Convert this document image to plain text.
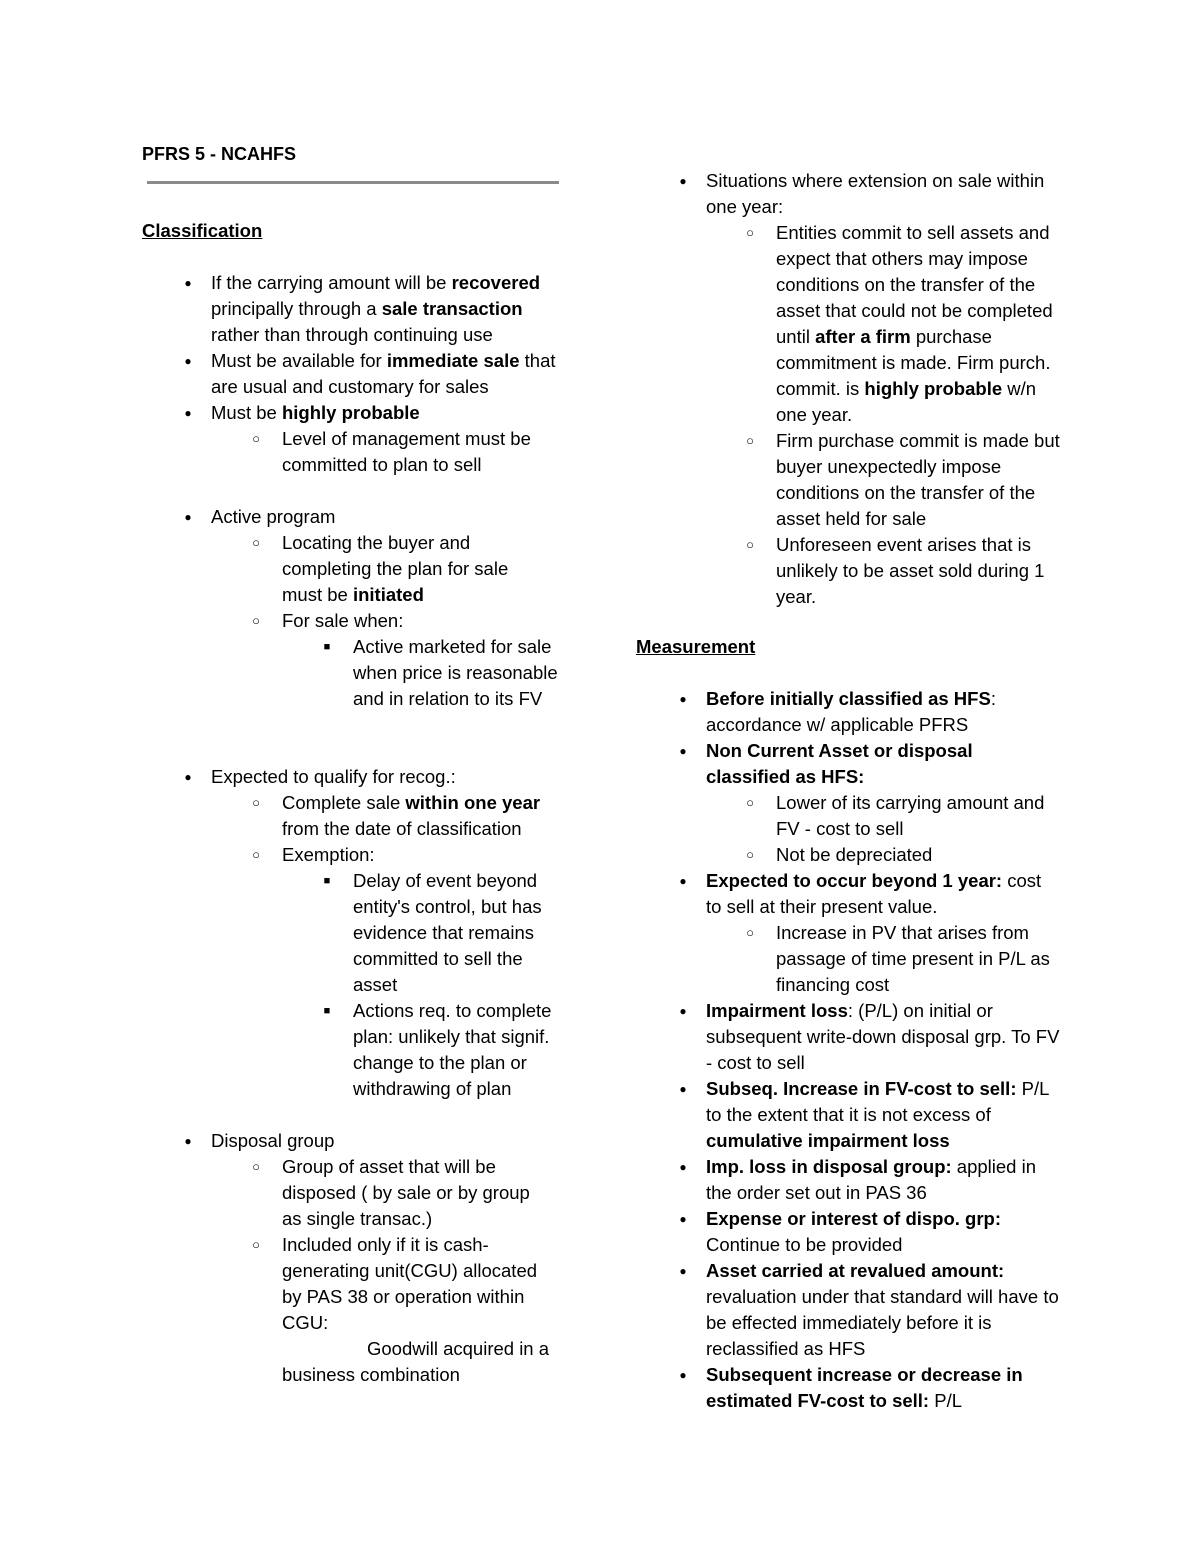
PFRS 5 - NCAHFS
Classification
● If the carrying amount will be recovered principally through a sale transaction rather than through continuing use
● Must be available for immediate sale that are usual and customary for sales
● Must be highly probable
○ Level of management must be committed to plan to sell
● Active program
○ Locating the buyer and completing the plan for sale must be initiated
○ For sale when:
■ Active marketed for sale when price is reasonable and in relation to its FV
● Expected to qualify for recog.:
○ Complete sale within one year from the date of classification
○ Exemption:
■ Delay of event beyond entity's control, but has evidence that remains committed to sell the asset
■ Actions req. to complete plan: unlikely that signif. change to the plan or withdrawing of plan
● Disposal group
○ Group of asset that will be disposed ( by sale or by group as single transac.)
○ Included only if it is cash-generating unit(CGU) allocated by PAS 38 or operation within CGU:
Goodwill acquired in a
business combination
● Situations where extension on sale within one year:
○ Entities commit to sell assets and expect that others may impose conditions on the transfer of the asset that could not be completed until after a firm purchase commitment is made. Firm purch. commit. is highly probable w/n one year.
○ Firm purchase commit is made but buyer unexpectedly impose conditions on the transfer of the asset held for sale
○ Unforeseen event arises that is unlikely to be asset sold during 1 year.
Measurement
● Before initially classified as HFS: accordance w/ applicable PFRS
● Non Current Asset or disposal classified as HFS:
○ Lower of its carrying amount and FV - cost to sell
○ Not be depreciated
● Expected to occur beyond 1 year: cost to sell at their present value.
○ Increase in PV that arises from passage of time present in P/L as financing cost
● Impairment loss: (P/L) on initial or subsequent write-down disposal grp. To FV - cost to sell
● Subseq. Increase in FV-cost to sell: P/L to the extent that it is not excess of cumulative impairment loss
● Imp. loss in disposal group: applied in the order set out in PAS 36
● Expense or interest of dispo. grp: Continue to be provided
● Asset carried at revalued amount: revaluation under that standard will have to be effected immediately before it is reclassified as HFS
● Subsequent increase or decrease in estimated FV-cost to sell: P/L
